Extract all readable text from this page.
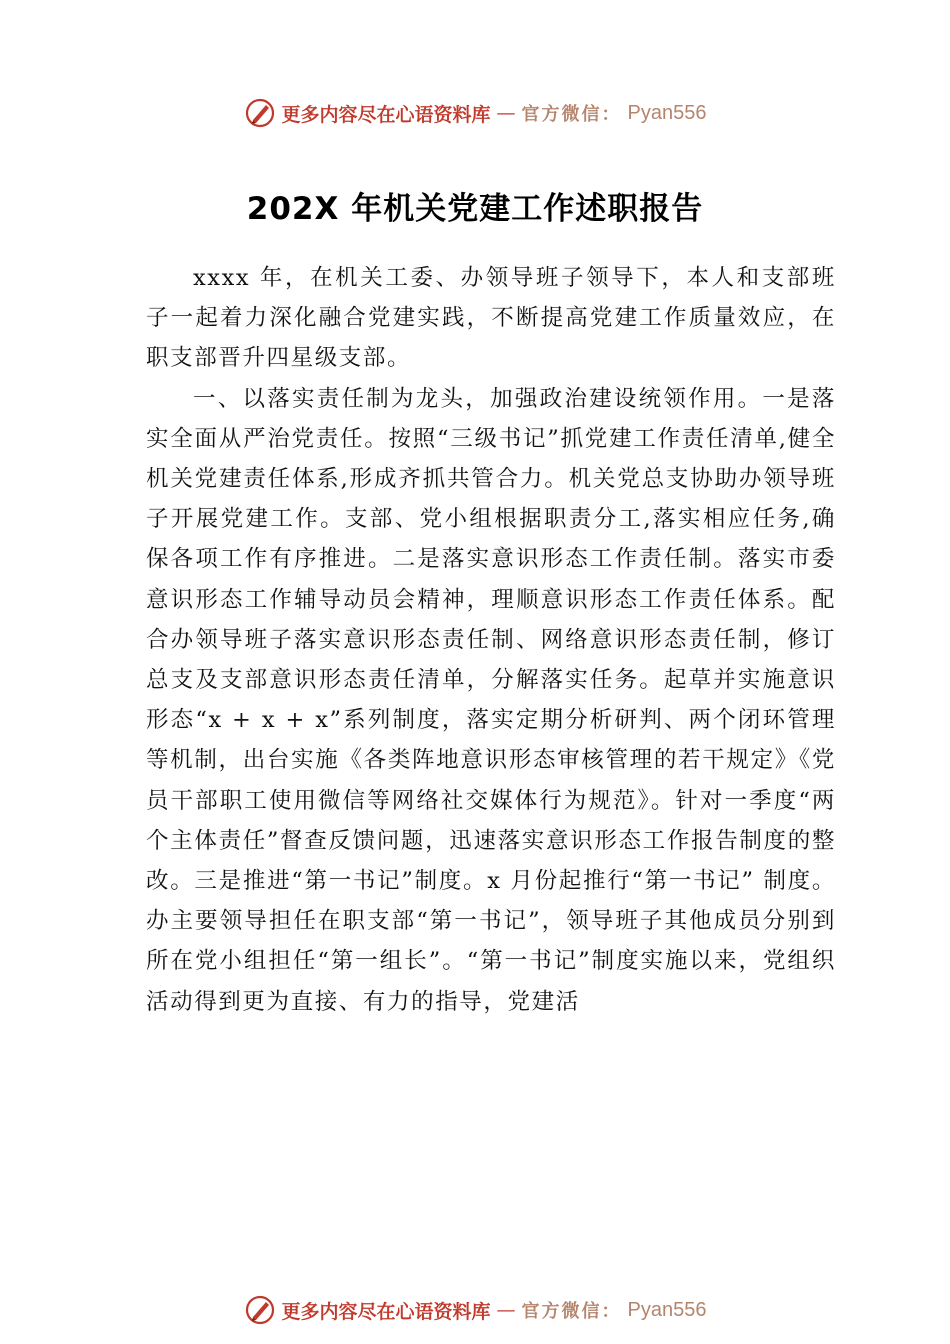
更多内容尽在心语资料库 — 官方微信： Pyan556
202X 年机关党建工作述职报告

xxxx 年，在机关工委、办领导班子领导下，本人和支部班子一起着力深化融合党建实践，不断提高党建工作质量效应，在职支部晋升四星级支部。

一、以落实责任制为龙头，加强政治建设统领作用。一是落实全面从严治党责任。按照“三级书记”抓党建工作责任清单,健全机关党建责任体系,形成齐抓共管合力。机关党总支协助办领导班子开展党建工作。支部、党小组根据职责分工,落实相应任务,确保各项工作有序推进。二是落实意识形态工作责任制。落实市委意识形态工作辅导动员会精神，理顺意识形态工作责任体系。配合办领导班子落实意识形态责任制、网络意识形态责任制，修订总支及支部意识形态责任清单，分解落实任务。起草并实施意识形态“x + x + x”系列制度，落实定期分析研判、两个闭环管理等机制，出台实施《各类阵地意识形态审核管理的若干规定》《党员干部职工使用微信等网络社交媒体行为规范》。针对一季度“两个主体责任”督查反馈问题，迅速落实意识形态工作报告制度的整改。三是推进“第一书记”制度。x 月份起推行“第一书记” 制度。办主要领导担任在职支部“第一书记”，领导班子其他成员分别到所在党小组担任“第一组长”。“第一书记”制度实施以来，党组织活动得到更为直接、有力的指导，党建活

更多内容尽在心语资料库 — 官方微信： Pyan556
